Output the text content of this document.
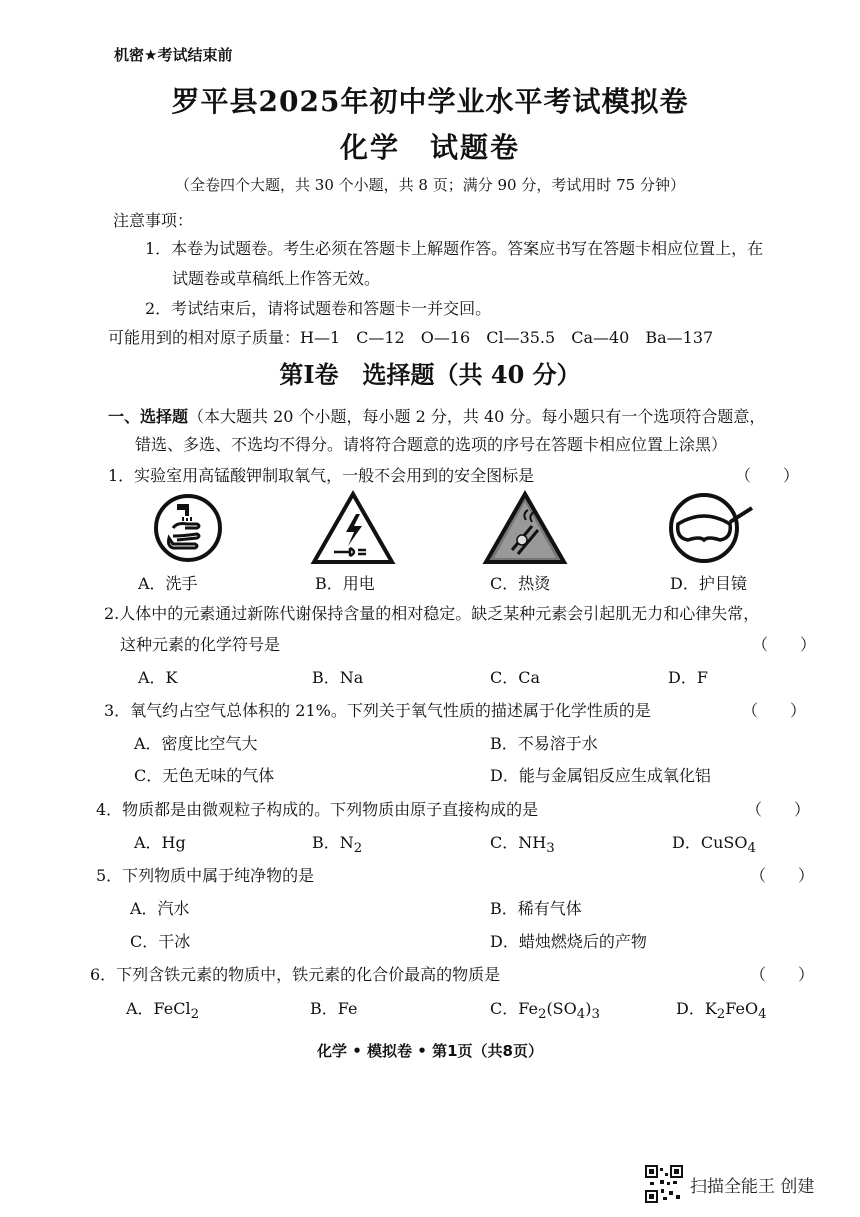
机密★考试结束前
罗平县2025年初中学业水平考试模拟卷
化学　试题卷
（全卷四个大题，共 30 个小题，共 8 页；满分 90 分，考试用时 75 分钟）
注意事项：
1．本卷为试题卷。考生必须在答题卡上解题作答。答案应书写在答题卡相应位置上，在
试题卷或草稿纸上作答无效。
2．考试结束后，请将试题卷和答题卡一并交回。
可能用到的相对原子质量：H—1　C—12　O—16　Cl—35.5　Ca—40　Ba—137
第Ⅰ卷　选择题（共 40 分）
一、选择题（本大题共 20 个小题，每小题 2 分，共 40 分。每小题只有一个选项符合题意，
错选、多选、不选均不得分。请将符合题意的选项的序号在答题卡相应位置上涂黑）
1．实验室用高锰酸钾制取氧气，一般不会用到的安全图标是	（　　）
A．洗手	B．用电	C．热烫	D．护目镜
2.人体中的元素通过新陈代谢保持含量的相对稳定。缺乏某种元素会引起肌无力和心律失常，
这种元素的化学符号是	（　　）
A．K	B．Na	C．Ca	D．F
3．氧气约占空气总体积的 21%。下列关于氧气性质的描述属于化学性质的是	（　　）
A．密度比空气大	B．不易溶于水
C．无色无味的气体	D．能与金属铝反应生成氧化铝
4．物质都是由微观粒子构成的。下列物质由原子直接构成的是	（　　）
A．Hg	B．$N_2$	C．$NH_3$	D．CuSO$_4$
5．下列物质中属于纯净物的是	（　　）
A．汽水	B．稀有气体
C．干冰	D．蜡烛燃烧后的产物
6．下列含铁元素的物质中，铁元素的化合价最高的物质是	（　　）
A．FeCl$_2$	B．Fe	C．$Fe_2(SO_4)_3$	D．$K_2FeO_4$
化学 • 模拟卷 • 第1页（共8页）
扫描全能王 创建
